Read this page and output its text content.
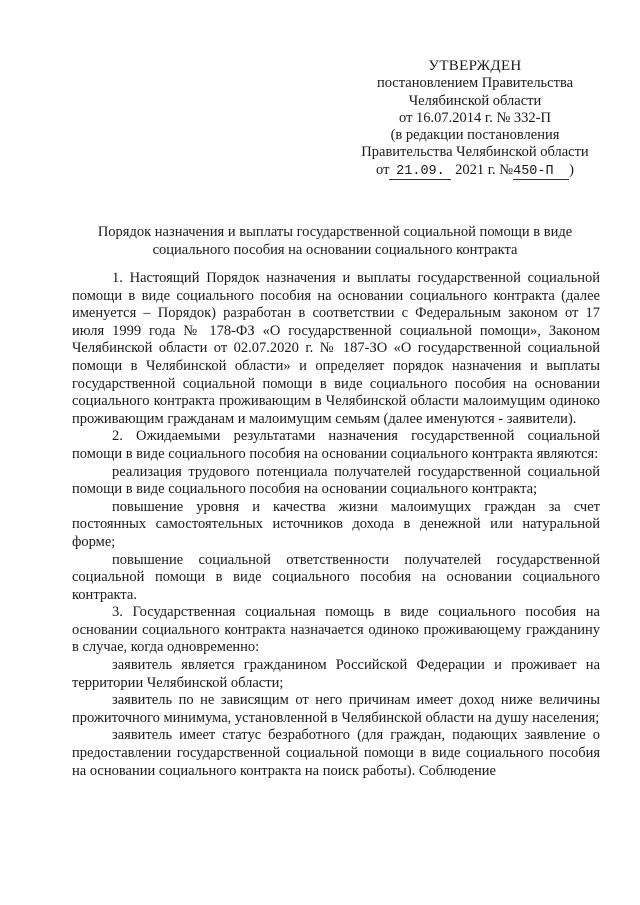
УТВЕРЖДЕН
постановлением Правительства
Челябинской области
от 16.07.2014 г. № 332-П
(в редакции постановления
Правительства Челябинской области
от 21.09. 2021 г. №450-П )
Порядок назначения и выплаты государственной социальной помощи в виде социального пособия на основании социального контракта

1. Настоящий Порядок назначения и выплаты государственной социальной помощи в виде социального пособия на основании социального контракта (далее именуется – Порядок) разработан в соответствии с Федеральным законом от 17 июля 1999 года № 178-ФЗ «О государственной социальной помощи», Законом Челябинской области от 02.07.2020 г. № 187-ЗО «О государственной социальной помощи в Челябинской области» и определяет порядок назначения и выплаты государственной социальной помощи в виде социального пособия на основании социального контракта проживающим в Челябинской области малоимущим одиноко проживающим гражданам и малоимущим семьям (далее именуются - заявители).

2. Ожидаемыми результатами назначения государственной социальной помощи в виде социального пособия на основании социального контракта являются:

реализация трудового потенциала получателей государственной социальной помощи в виде социального пособия на основании социального контракта;

повышение уровня и качества жизни малоимущих граждан за счет постоянных самостоятельных источников дохода в денежной или натуральной форме;

повышение социальной ответственности получателей государственной социальной помощи в виде социального пособия на основании социального контракта.

3. Государственная социальная помощь в виде социального пособия на основании социального контракта назначается одиноко проживающему гражданину в случае, когда одновременно:

заявитель является гражданином Российской Федерации и проживает на территории Челябинской области;

заявитель по не зависящим от него причинам имеет доход ниже величины прожиточного минимума, установленной в Челябинской области на душу населения;

заявитель имеет статус безработного (для граждан, подающих заявление о предоставлении государственной социальной помощи в виде социального пособия на основании социального контракта на поиск работы). Соблюдение
